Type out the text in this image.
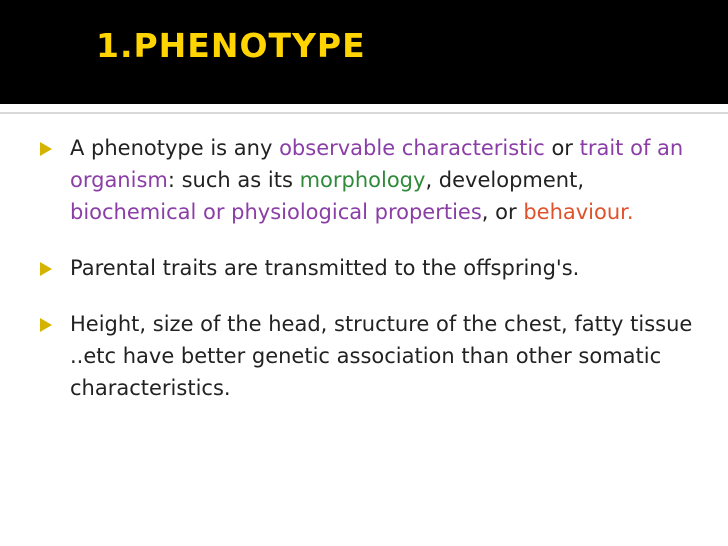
1.PHENOTYPE
A phenotype is any observable characteristic or trait of an organism: such as its morphology, development, biochemical or physiological properties, or behaviour.
Parental traits are transmitted to the offspring's.
Height, size of the head, structure of the chest, fatty tissue ..etc have better genetic association than other somatic characteristics.
